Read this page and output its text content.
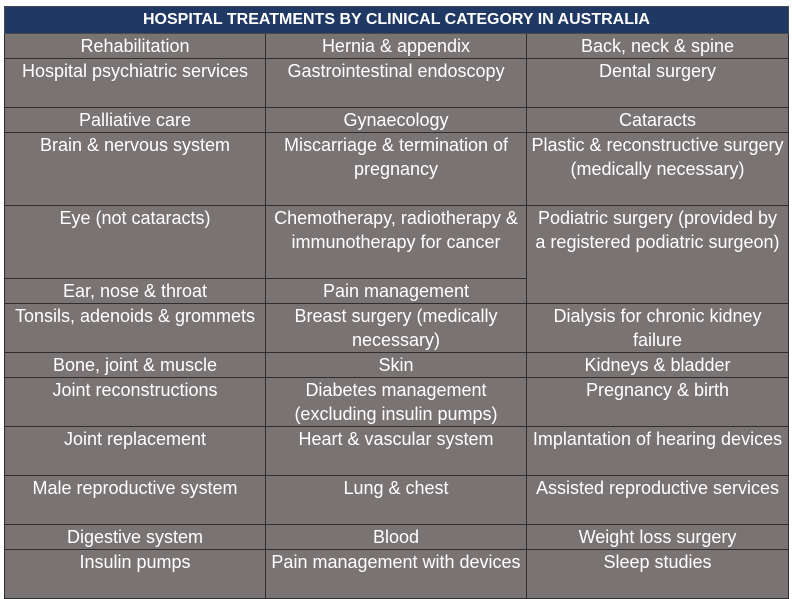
HOSPITAL TREATMENTS BY CLINICAL CATEGORY IN AUSTRALIA		
Rehabilitation	Hernia & appendix	Back, neck & spine
Hospital psychiatric services	Gastrointestinal endoscopy	Dental surgery
Palliative care	Gynaecology	Cataracts
Brain & nervous system	Miscarriage & termination of pregnancy	Plastic & reconstructive surgery (medically necessary)
Eye (not cataracts)	Chemotherapy, radiotherapy & immunotherapy for cancer	Podiatric surgery (provided by a registered podiatric surgeon)
Ear, nose & throat	Pain management	
Tonsils, adenoids & grommets	Breast surgery (medically necessary)	Dialysis for chronic kidney failure
Bone, joint & muscle	Skin	Kidneys & bladder
Joint reconstructions	Diabetes management (excluding insulin pumps)	Pregnancy & birth
Joint replacement	Heart & vascular system	Implantation of hearing devices
Male reproductive system	Lung & chest	Assisted reproductive services
Digestive system	Blood	Weight loss surgery
Insulin pumps	Pain management with devices	Sleep studies
